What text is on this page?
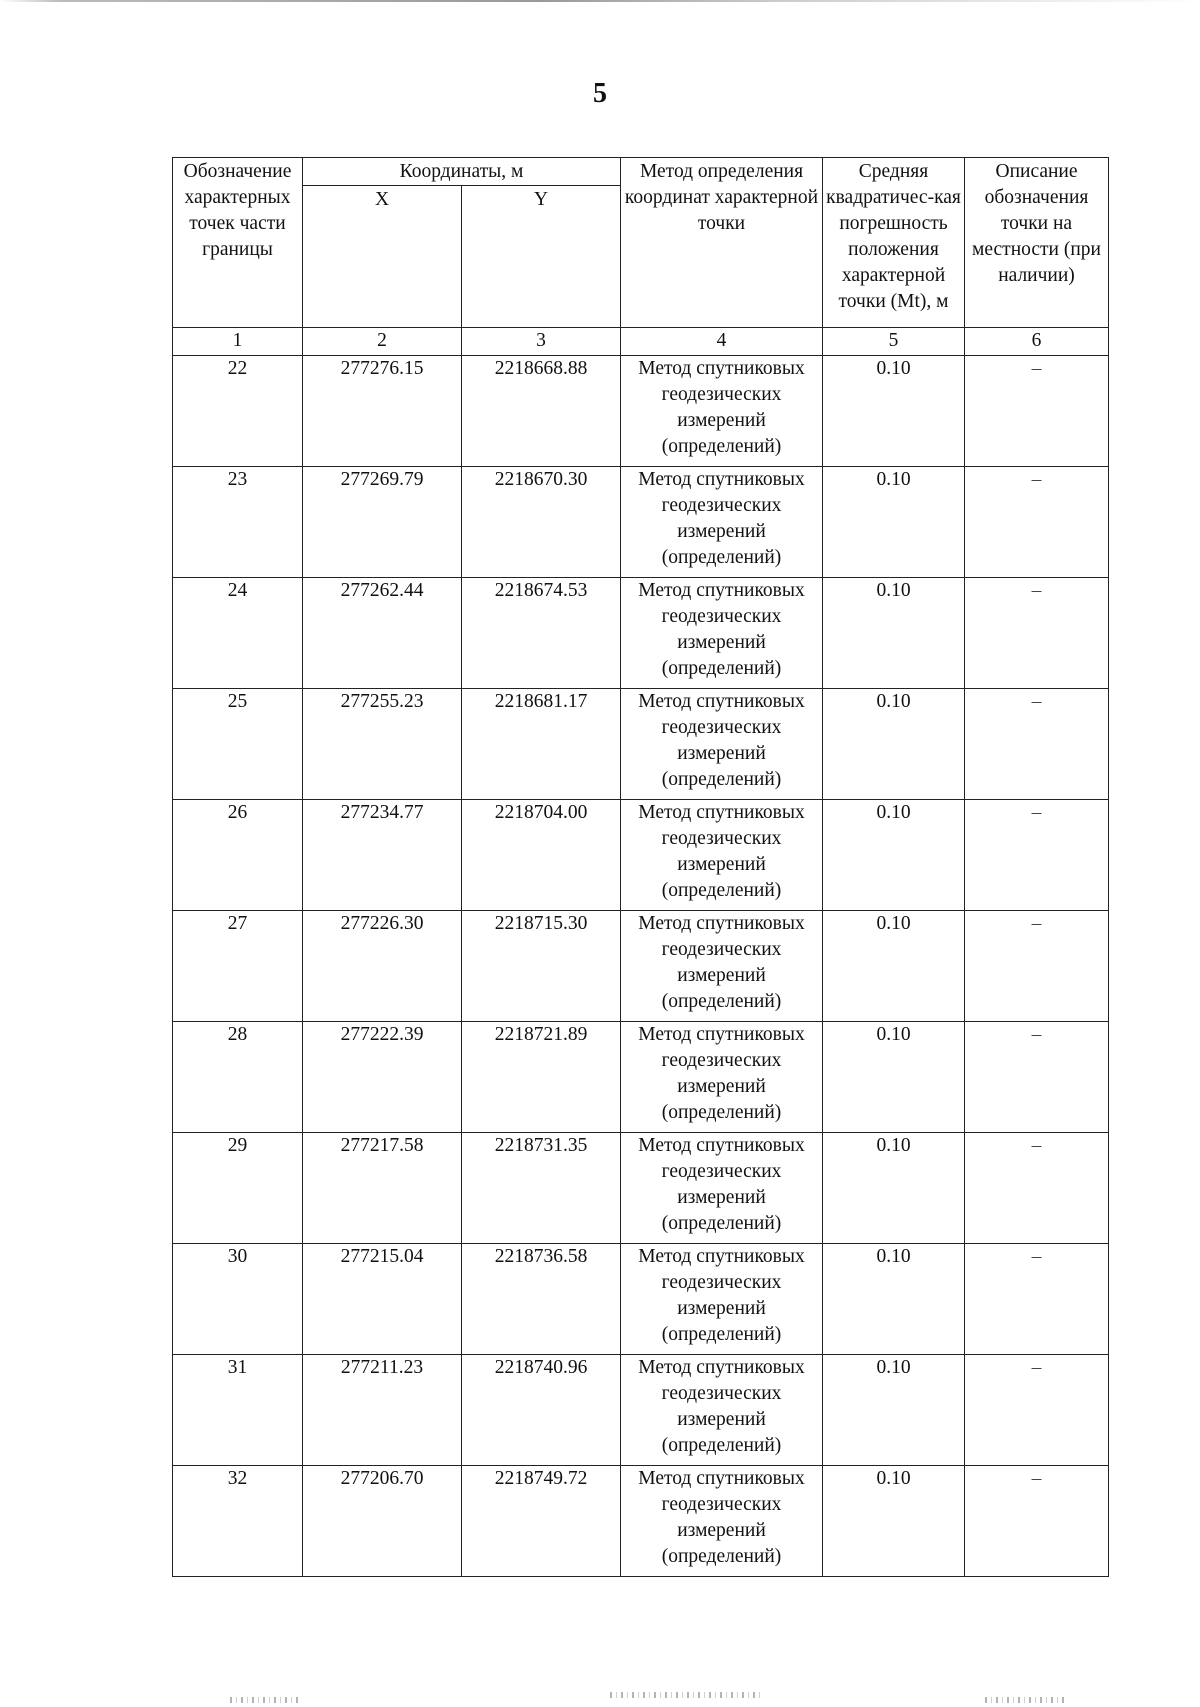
5
Обозначение характерных точек части границы	Координаты, м		Метод определения координат характерной точки	Средняя квадратичес-кая погрешность положения характерной точки (Mt), м	Описание обозначения точки на местности (при наличии)
	X	Y			
1	2	3	4	5	6
22	277276.15	2218668.88	Метод спутниковых геодезических измерений (определений)	0.10	–
23	277269.79	2218670.30	Метод спутниковых геодезических измерений (определений)	0.10	–
24	277262.44	2218674.53	Метод спутниковых геодезических измерений (определений)	0.10	–
25	277255.23	2218681.17	Метод спутниковых геодезических измерений (определений)	0.10	–
26	277234.77	2218704.00	Метод спутниковых геодезических измерений (определений)	0.10	–
27	277226.30	2218715.30	Метод спутниковых геодезических измерений (определений)	0.10	–
28	277222.39	2218721.89	Метод спутниковых геодезических измерений (определений)	0.10	–
29	277217.58	2218731.35	Метод спутниковых геодезических измерений (определений)	0.10	–
30	277215.04	2218736.58	Метод спутниковых геодезических измерений (определений)	0.10	–
31	277211.23	2218740.96	Метод спутниковых геодезических измерений (определений)	0.10	–
32	277206.70	2218749.72	Метод спутниковых геодезических измерений (определений)	0.10	–
